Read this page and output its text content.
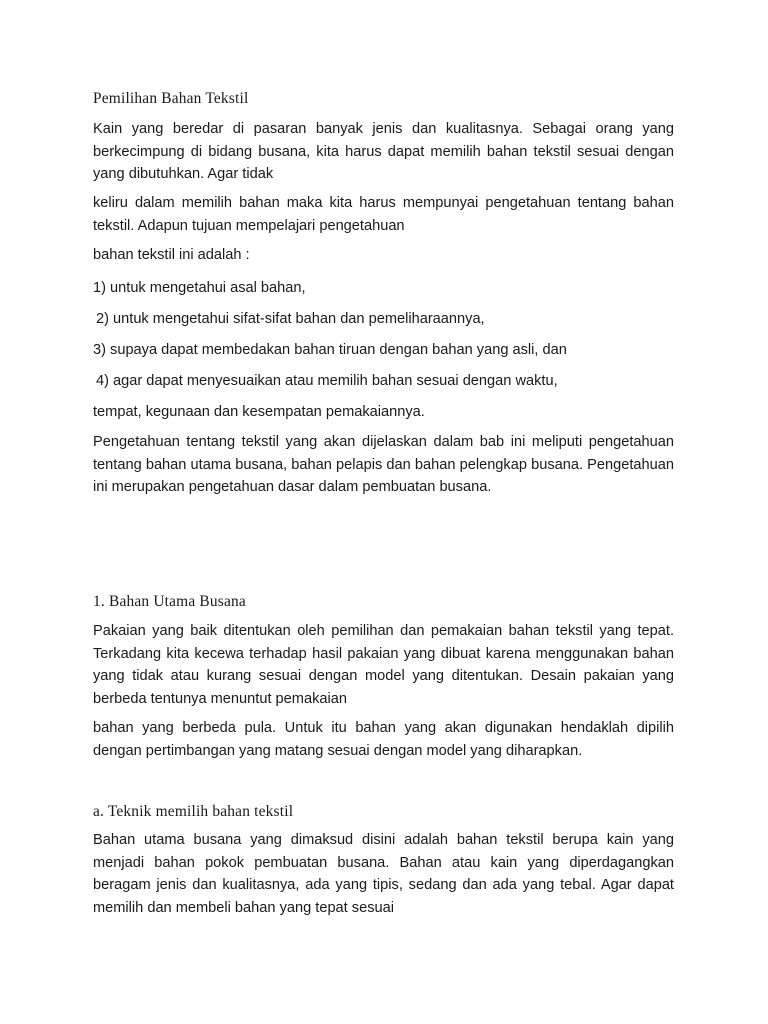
Pemilihan Bahan Tekstil

Kain yang beredar di pasaran banyak jenis dan kualitasnya. Sebagai orang yang berkecimpung di bidang busana, kita harus dapat memilih bahan tekstil sesuai dengan yang dibutuhkan. Agar tidak

keliru dalam memilih bahan maka kita harus mempunyai pengetahuan tentang bahan tekstil. Adapun tujuan mempelajari pengetahuan

bahan tekstil ini adalah :

1) untuk mengetahui asal bahan,

2) untuk mengetahui sifat-sifat bahan dan pemeliharaannya,

3) supaya dapat membedakan bahan tiruan dengan bahan yang asli, dan

4) agar dapat menyesuaikan atau memilih bahan sesuai dengan waktu,

tempat, kegunaan dan kesempatan pemakaiannya.

Pengetahuan tentang tekstil yang akan dijelaskan dalam bab ini meliputi pengetahuan tentang bahan utama busana, bahan pelapis dan bahan pelengkap busana. Pengetahuan ini merupakan pengetahuan dasar dalam pembuatan busana.

1. Bahan Utama Busana

Pakaian yang baik ditentukan oleh pemilihan dan pemakaian bahan tekstil yang tepat. Terkadang kita kecewa terhadap hasil pakaian yang dibuat karena menggunakan bahan yang tidak atau kurang sesuai dengan model yang ditentukan. Desain pakaian yang berbeda tentunya menuntut pemakaian

bahan yang berbeda pula. Untuk itu bahan yang akan digunakan hendaklah dipilih dengan pertimbangan yang matang sesuai dengan model yang diharapkan.

a. Teknik memilih bahan tekstil

Bahan utama busana yang dimaksud disini adalah bahan tekstil berupa kain yang menjadi bahan pokok pembuatan busana. Bahan atau kain yang diperdagangkan beragam jenis dan kualitasnya, ada yang tipis, sedang dan ada yang tebal. Agar dapat memilih dan membeli bahan yang tepat sesuai
